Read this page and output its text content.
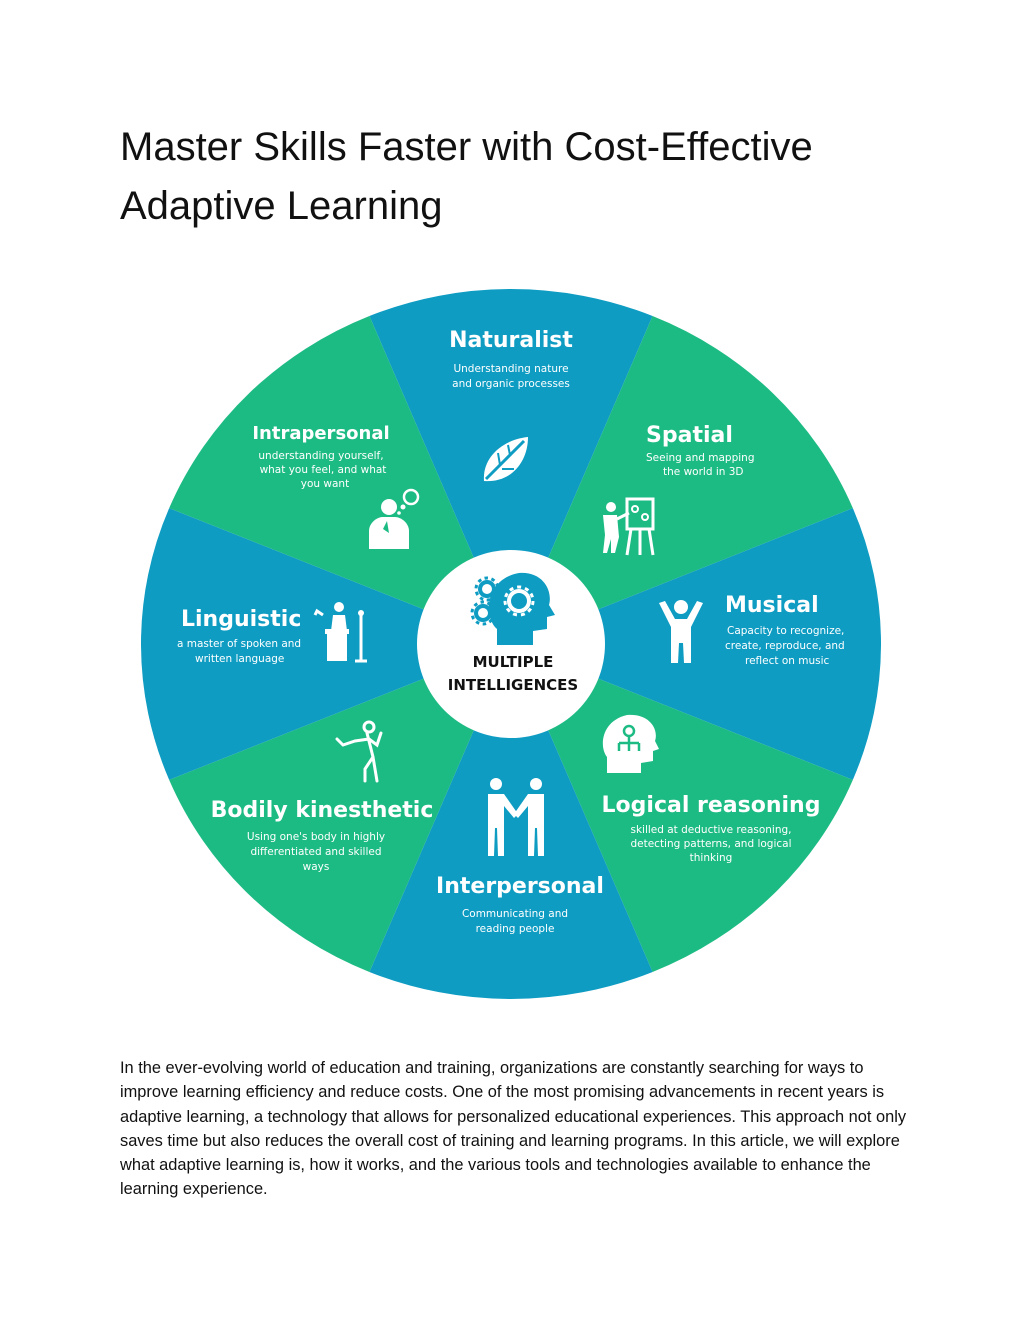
Master Skills Faster with Cost-Effective Adaptive Learning
Naturalist
Understanding nature
and organic processes
Spatial
Seeing and mapping
the world in 3D
Musical
Capacity to recognize,
create, reproduce, and
reflect on music
Logical reasoning
skilled at deductive reasoning,
detecting patterns, and logical
thinking
Interpersonal
Communicating and
reading people
Bodily kinesthetic
Using one's body in highly
differentiated and skilled
ways
Linguistic
a master of spoken and
written language
Intrapersonal
understanding yourself,
what you feel, and what
you want
MULTIPLE
INTELLIGENCES

In the ever-evolving world of education and training, organizations are constantly searching for ways to improve learning efficiency and reduce costs. One of the most promising advancements in recent years is adaptive learning, a technology that allows for personalized educational experiences. This approach not only saves time but also reduces the overall cost of training and learning programs. In this article, we will explore what adaptive learning is, how it works, and the various tools and technologies available to enhance the learning experience.
